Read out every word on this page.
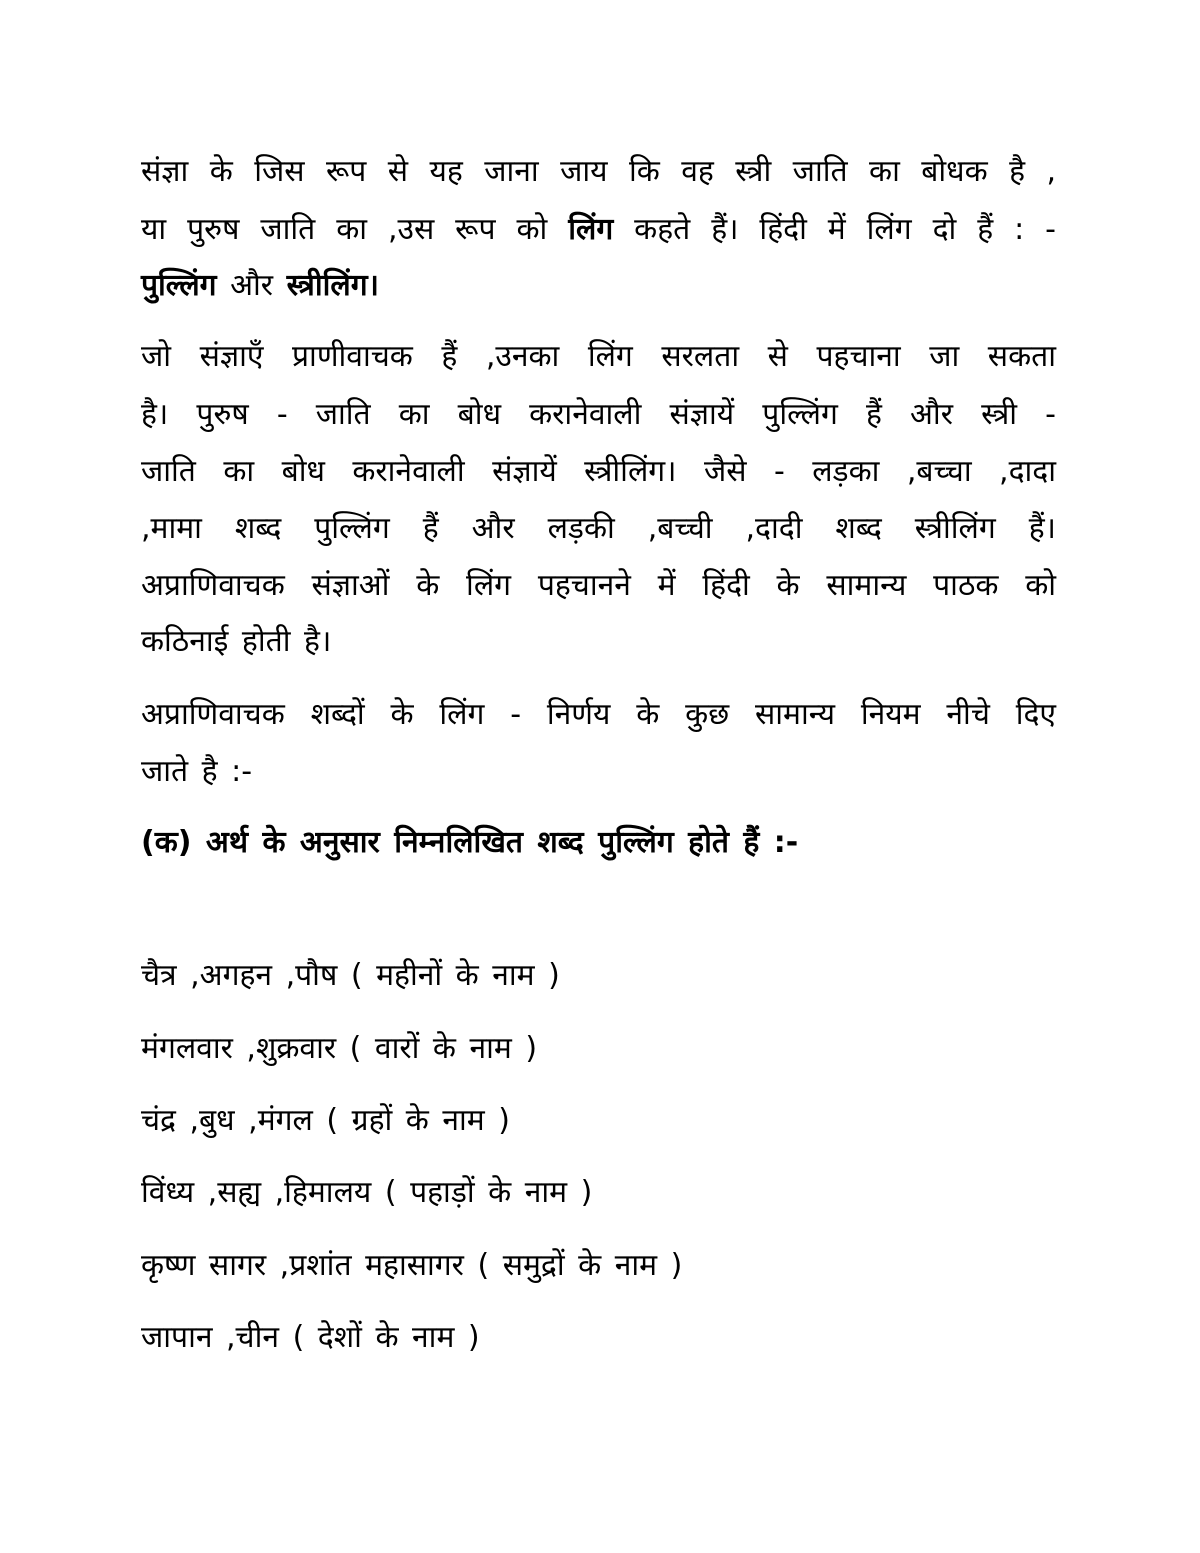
संज्ञा के जिस रूप से यह जाना जाय कि वह स्त्री जाति का बोधक है ,
या पुरुष जाति का ,उस रूप को लिंग कहते हैं। हिंदी में लिंग दो हैं : -
पुल्लिंग और स्त्रीलिंग।
जो संज्ञाऍं प्राणीवाचक हैं ,उनका लिंग सरलता से पहचाना जा सकता
है। पुरुष - जाति का बोध करानेवाली संज्ञायें पुल्लिंग हैं और स्त्री -
जाति का बोध करानेवाली संज्ञायें स्त्रीलिंग। जैसे - लड़का ,बच्चा ,दादा
,मामा शब्द पुल्लिंग हैं और लड़की ,बच्ची ,दादी शब्द स्त्रीलिंग हैं।
अप्राणिवाचक संज्ञाओं के लिंग पहचानने में हिंदी के सामान्य पाठक को
कठिनाई होती है।
अप्राणिवाचक शब्दों के लिंग - निर्णय के कुछ सामान्य नियम नीचे दिए
जाते है :-
(क) अर्थ के अनुसार निम्नलिखित शब्द पुल्लिंग होते हैं :-
चैत्र ,अगहन ,पौष ( महीनों के नाम )
मंगलवार ,शुक्रवार ( वारों के नाम )
चंद्र ,बुध ,मंगल ( ग्रहों के नाम )
विंध्य ,सह्य ,हिमालय ( पहाड़ों के नाम )
कृष्ण सागर ,प्रशांत महासागर ( समुद्रों के नाम )
जापान ,चीन ( देशों के नाम )
